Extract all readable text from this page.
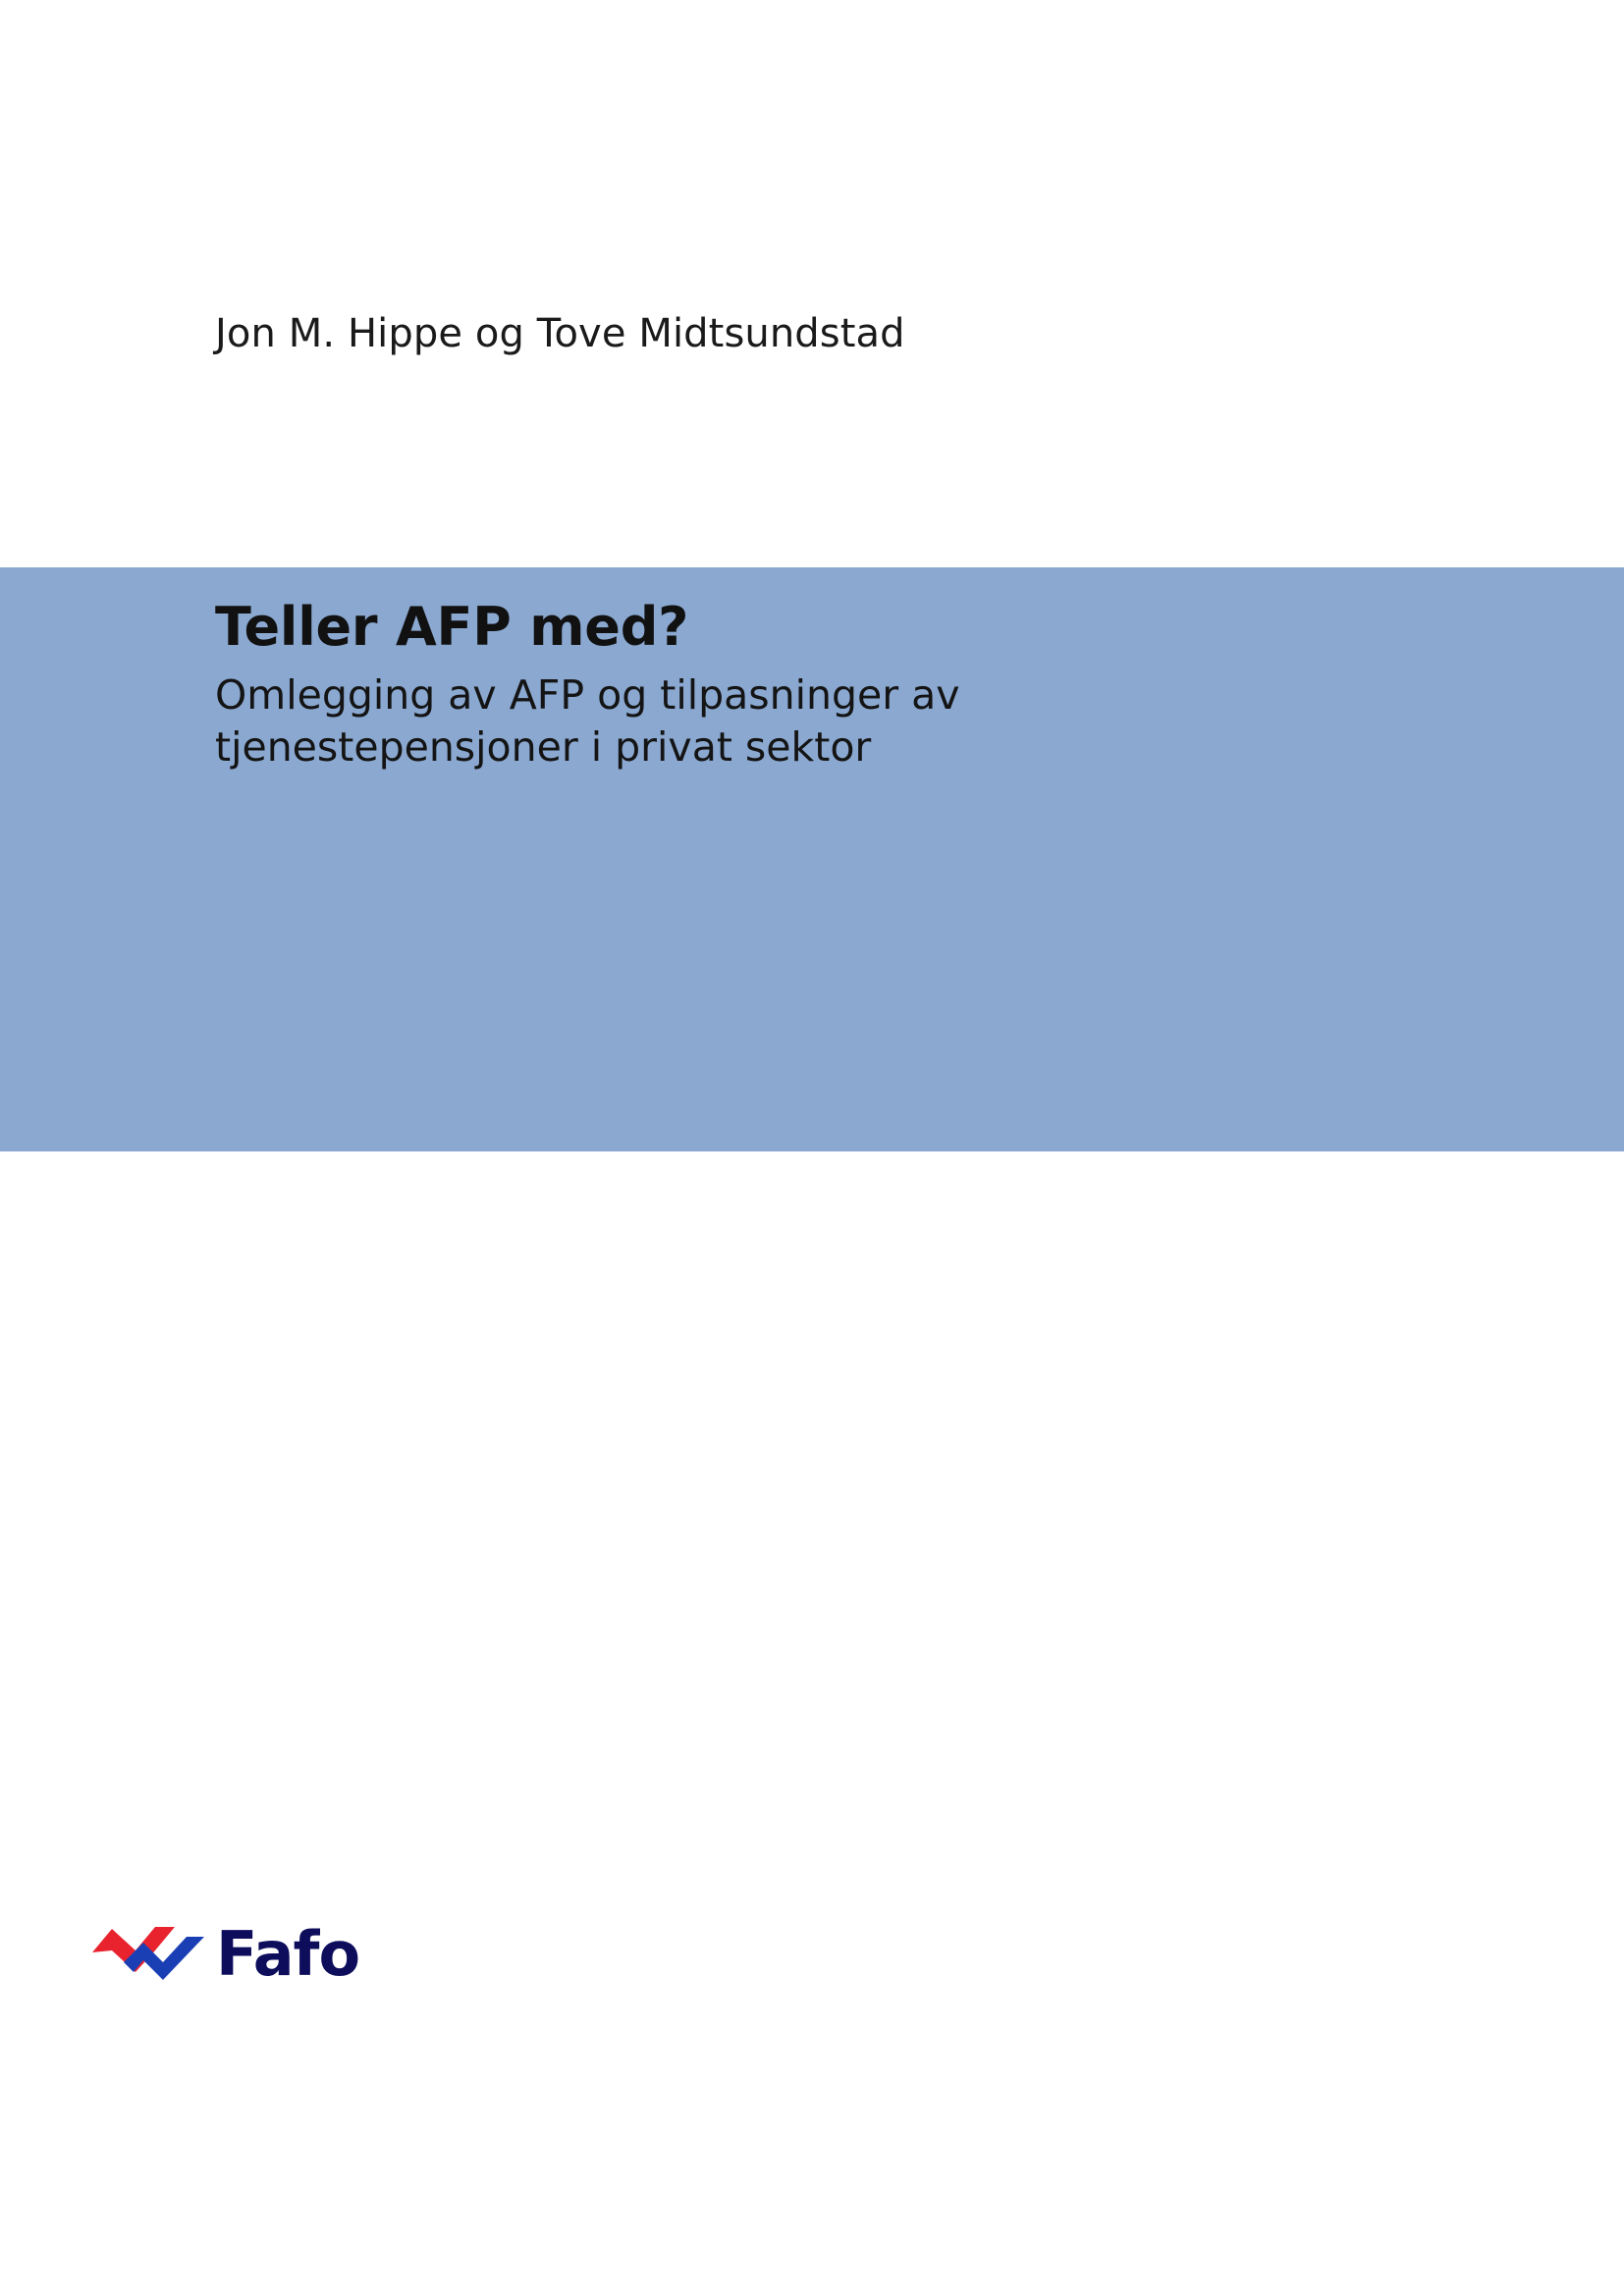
Jon M. Hippe og Tove Midtsundstad
Teller AFP med?

Omlegging av AFP og tilpasninger av tjenestepensjoner i privat sektor

Fafo
